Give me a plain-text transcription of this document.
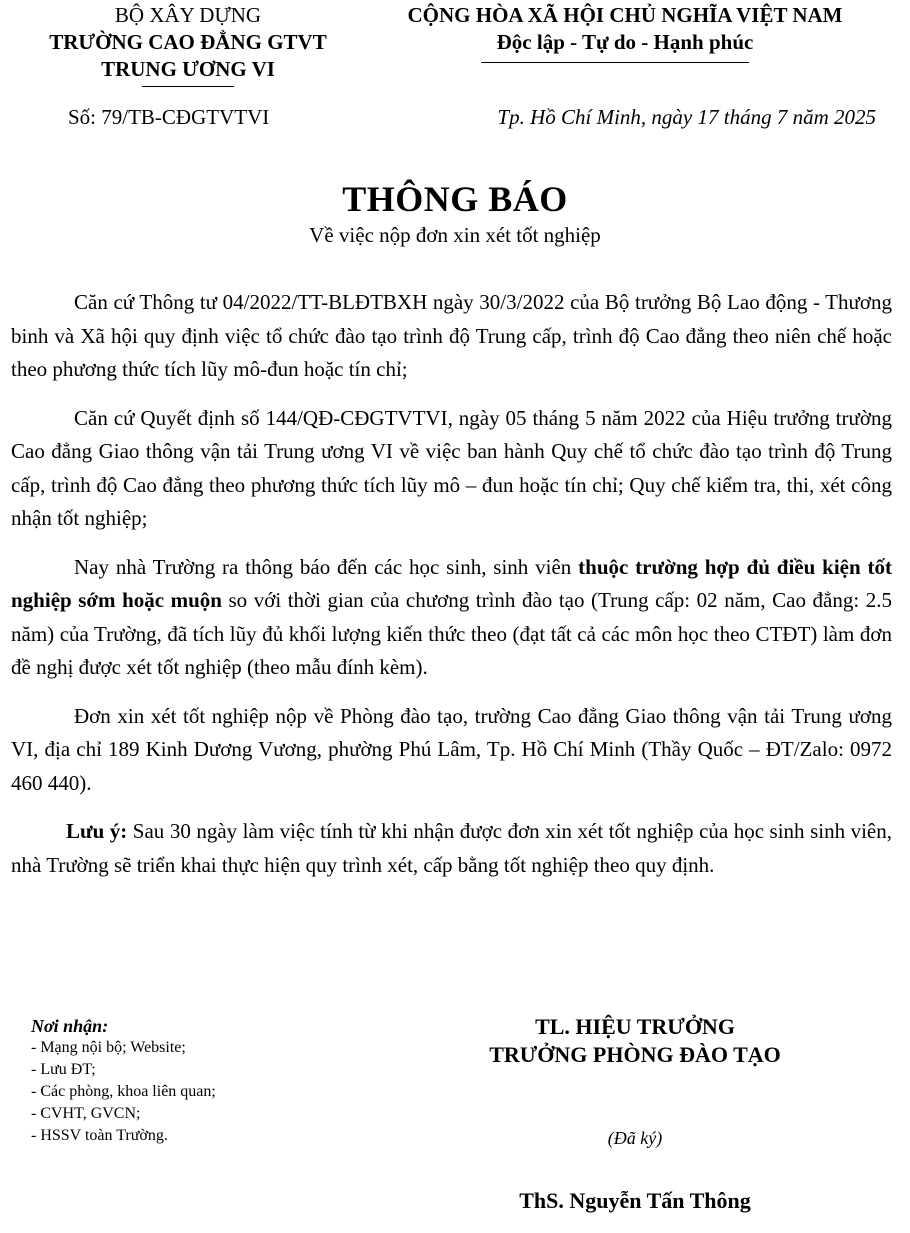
BỘ XÂY DỰNG
TRƯỜNG CAO ĐẲNG GTVT
TRUNG ƯƠNG VI
CỘNG HÒA XÃ HỘI CHỦ NGHĨA VIỆT NAM
Độc lập - Tự do - Hạnh phúc
Số: 79/TB-CĐGTVTVI	Tp. Hồ Chí Minh, ngày 17 tháng 7 năm 2025
THÔNG BÁO
Về việc nộp đơn xin xét tốt nghiệp

Căn cứ Thông tư 04/2022/TT-BLĐTBXH ngày 30/3/2022 của Bộ trưởng Bộ Lao động - Thương binh và Xã hội quy định việc tổ chức đào tạo trình độ Trung cấp, trình độ Cao đẳng theo niên chế hoặc theo phương thức tích lũy mô-đun hoặc tín chỉ;

Căn cứ Quyết định số 144/QĐ-CĐGTVTVI, ngày 05 tháng 5 năm 2022 của Hiệu trưởng trường Cao đẳng Giao thông vận tải Trung ương VI về việc ban hành Quy chế tổ chức đào tạo trình độ Trung cấp, trình độ Cao đẳng theo phương thức tích lũy mô – đun hoặc tín chỉ; Quy chế kiểm tra, thi, xét công nhận tốt nghiệp;

Nay nhà Trường ra thông báo đến các học sinh, sinh viên thuộc trường hợp đủ điều kiện tốt nghiệp sớm hoặc muộn so với thời gian của chương trình đào tạo (Trung cấp: 02 năm, Cao đẳng: 2.5 năm) của Trường, đã tích lũy đủ khối lượng kiến thức theo (đạt tất cả các môn học theo CTĐT) làm đơn đề nghị được xét tốt nghiệp (theo mẫu đính kèm).

Đơn xin xét tốt nghiệp nộp về Phòng đào tạo, trường Cao đẳng Giao thông vận tải Trung ương VI, địa chỉ 189 Kinh Dương Vương, phường Phú Lâm, Tp. Hồ Chí Minh (Thầy Quốc – ĐT/Zalo: 0972 460 440).

Lưu ý: Sau 30 ngày làm việc tính từ khi nhận được đơn xin xét tốt nghiệp của học sinh sinh viên, nhà Trường sẽ triển khai thực hiện quy trình xét, cấp bằng tốt nghiệp theo quy định.

Nơi nhận:
- Mạng nội bộ; Website;
- Lưu ĐT;
- Các phòng, khoa liên quan;
- CVHT, GVCN;
- HSSV toàn Trường.
TL. HIỆU TRƯỞNG
TRƯỞNG PHÒNG ĐÀO TẠO
(Đã ký)
ThS. Nguyễn Tấn Thông
